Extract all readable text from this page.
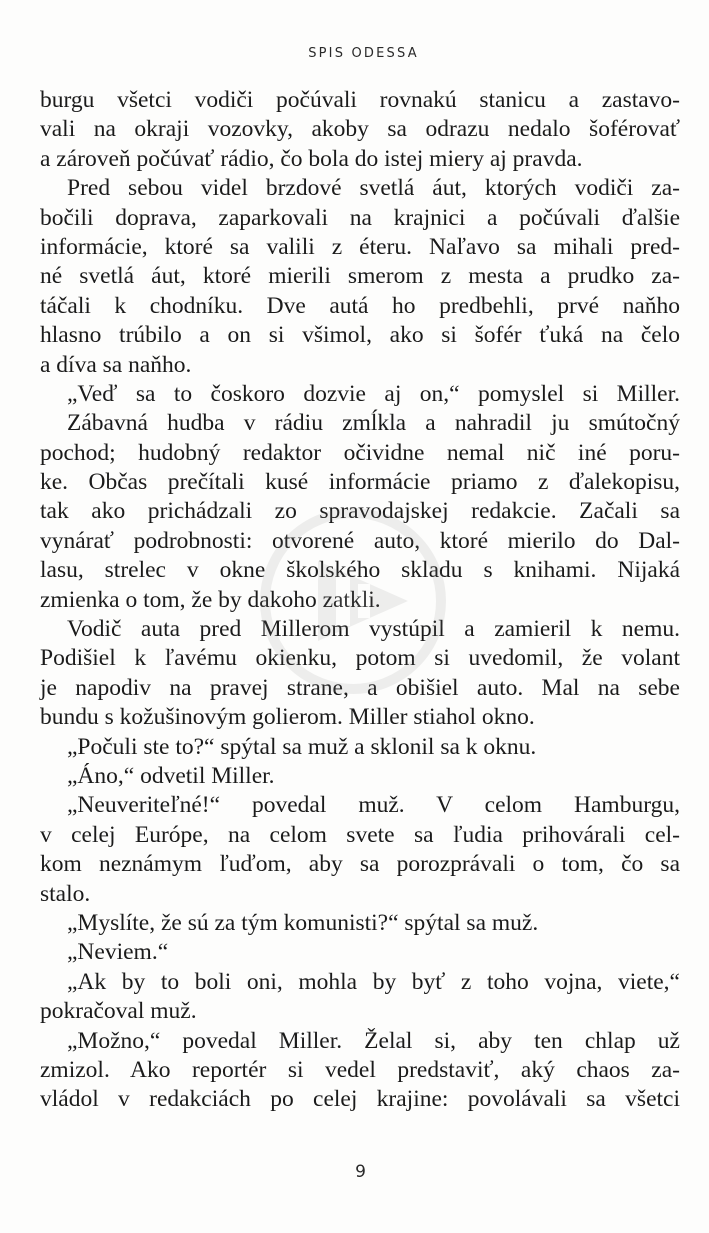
SPIS ODESSA
burgu všetci vodiči počúvali rovnakú stanicu a zastavo-
vali na okraji vozovky, akoby sa odrazu nedalo šoférovať
a zároveň počúvať rádio, čo bola do istej miery aj pravda.
Pred sebou videl brzdové svetlá áut, ktorých vodiči za-
bočili doprava, zaparkovali na krajnici a počúvali ďalšie
informácie, ktoré sa valili z éteru. Naľavo sa mihali pred-
né svetlá áut, ktoré mierili smerom z mesta a prudko za-
táčali k chodníku. Dve autá ho predbehli, prvé naňho
hlasno trúbilo a on si všimol, ako si šofér ťuká na čelo
a díva sa naňho.
„Veď sa to čoskoro dozvie aj on,“ pomyslel si Miller.
Zábavná hudba v rádiu zmĺkla a nahradil ju smútočný
pochod; hudobný redaktor očividne nemal nič iné poru-
ke. Občas prečítali kusé informácie priamo z ďalekopisu,
tak ako prichádzali zo spravodajskej redakcie. Začali sa
vynárať podrobnosti: otvorené auto, ktoré mierilo do Dal-
lasu, strelec v okne školského skladu s knihami. Nijaká
zmienka o tom, že by dakoho zatkli.
Vodič auta pred Millerom vystúpil a zamieril k nemu.
Podišiel k ľavému okienku, potom si uvedomil, že volant
je napodiv na pravej strane, a obišiel auto. Mal na sebe
bundu s kožušinovým golierom. Miller stiahol okno.
„Počuli ste to?“ spýtal sa muž a sklonil sa k oknu.
„Áno,“ odvetil Miller.
„Neuveriteľné!“ povedal muž. V celom Hamburgu,
v celej Európe, na celom svete sa ľudia prihovárali cel-
kom neznámym ľuďom, aby sa porozprávali o tom, čo sa
stalo.
„Myslíte, že sú za tým komunisti?“ spýtal sa muž.
„Neviem.“
„Ak by to boli oni, mohla by byť z toho vojna, viete,“
pokračoval muž.
„Možno,“ povedal Miller. Želal si, aby ten chlap už
zmizol. Ako reportér si vedel predstaviť, aký chaos za-
vládol v redakciách po celej krajine: povolávali sa všetci
9
